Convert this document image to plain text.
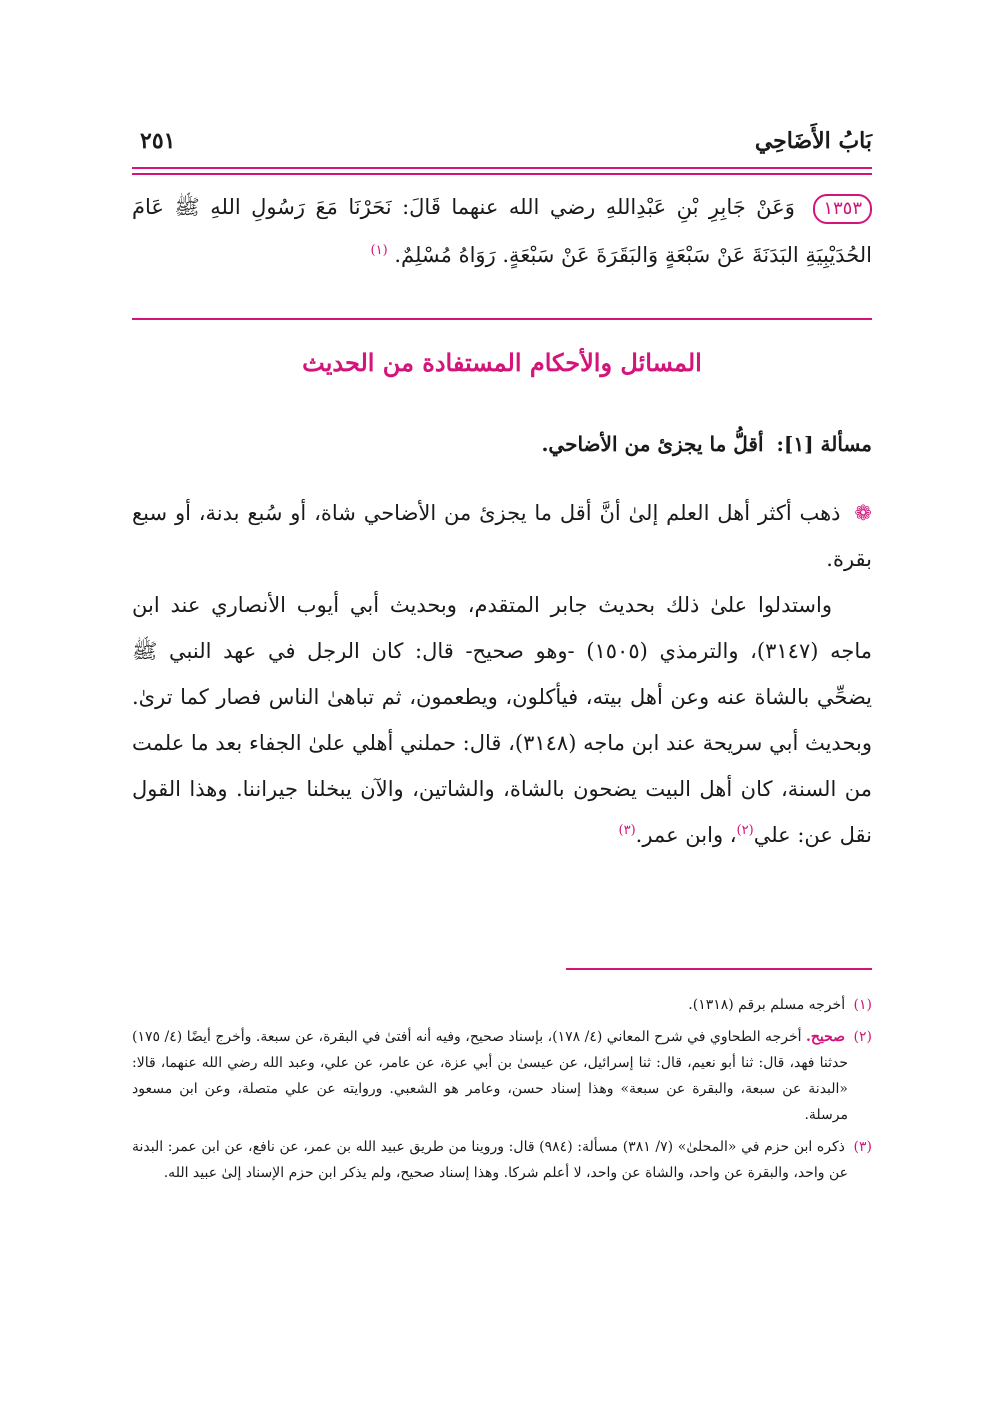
بَابُ الأَضَاحِي
٢٥١
١٣٥٣ وَعَنْ جَابِرِ بْنِ عَبْدِاللهِ رضي الله عنهما قَالَ: نَحَرْنَا مَعَ رَسُولِ اللهِ ﷺ عَامَ الحُدَيْبِيَةِ البَدَنَةَ عَنْ سَبْعَةٍ وَالبَقَرَةَ عَنْ سَبْعَةٍ. رَوَاهُ مُسْلِمٌ. $^{(١)}$
المسائل والأحكام المستفادة من الحديث
مسألة [١]: أقلُّ ما يجزئ من الأضاحي.

❁ ذهب أكثر أهل العلم إلىٰ أنَّ أقل ما يجزئ من الأضاحي شاة، أو سُبع بدنة، أو سبع بقرة.

واستدلوا علىٰ ذلك بحديث جابر المتقدم، وبحديث أبي أيوب الأنصاري عند ابن ماجه (٣١٤٧)، والترمذي (١٥٠٥) -وهو صحيح- قال: كان الرجل في عهد النبي ﷺ يضحِّي بالشاة عنه وعن أهل بيته، فيأكلون، ويطعمون، ثم تباهىٰ الناس فصار كما ترىٰ. وبحديث أبي سريحة عند ابن ماجه (٣١٤٨)، قال: حملني أهلي علىٰ الجفاء بعد ما علمت من السنة، كان أهل البيت يضحون بالشاة، والشاتين، والآن يبخلنا جيراننا. وهذا القول نقل عن: علي$^{(٢)}$، وابن عمر.$^{(٣)}$

(١) أخرجه مسلم برقم (١٣١٨).

(٢) صحيح. أخرجه الطحاوي في شرح المعاني (٤/ ١٧٨)، بإسناد صحيح، وفيه أنه أفتىٰ في البقرة، عن سبعة. وأخرج أيضًا (٤/ ١٧٥) حدثنا فهد، قال: ثنا أبو نعيم، قال: ثنا إسرائيل، عن عيسىٰ بن أبي عزة، عن عامر، عن علي، وعبد الله رضي الله عنهما، قالا: «البدنة عن سبعة، والبقرة عن سبعة» وهذا إسناد حسن، وعامر هو الشعبي. وروايته عن علي متصلة، وعن ابن مسعود مرسلة.

(٣) ذكره ابن حزم في «المحلىٰ» (٧/ ٣٨١) مسألة: (٩٨٤) قال: وروينا من طريق عبيد الله بن عمر، عن نافع، عن ابن عمر: البدنة عن واحد، والبقرة عن واحد، والشاة عن واحد، لا أعلم شركا. وهذا إسناد صحيح، ولم يذكر ابن حزم الإسناد إلىٰ عبيد الله.
